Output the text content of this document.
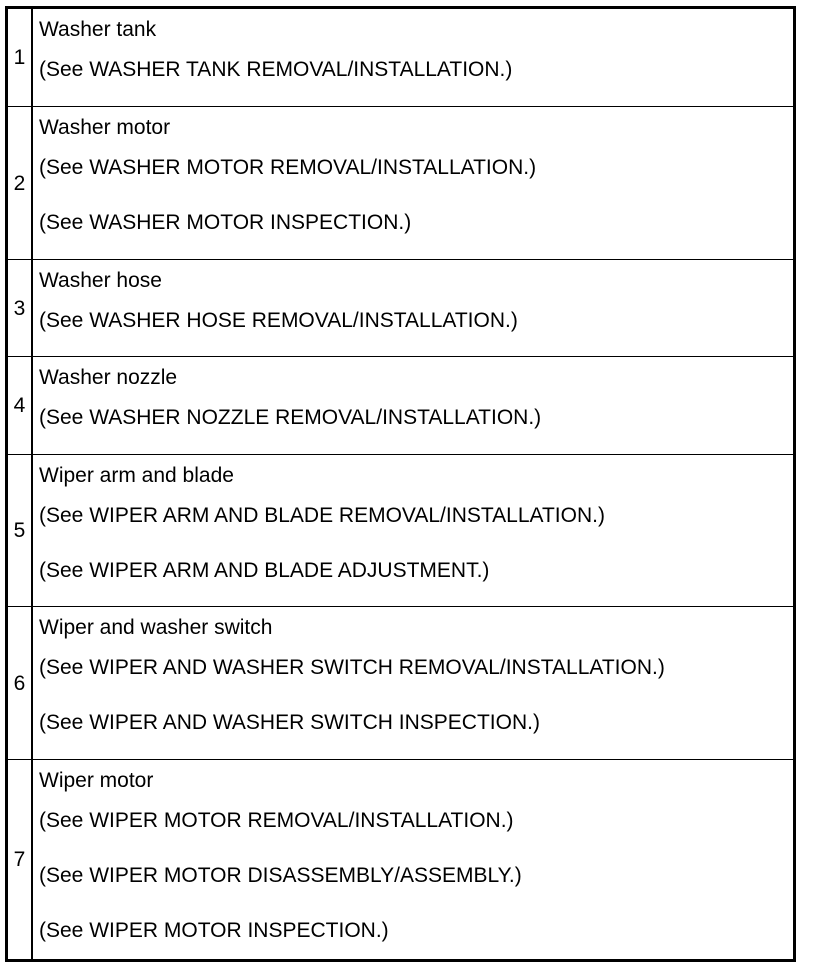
1
Washer tank
(See WASHER TANK REMOVAL/INSTALLATION.)
2
Washer motor
(See WASHER MOTOR REMOVAL/INSTALLATION.)
(See WASHER MOTOR INSPECTION.)
3
Washer hose
(See WASHER HOSE REMOVAL/INSTALLATION.)
4
Washer nozzle
(See WASHER NOZZLE REMOVAL/INSTALLATION.)
5
Wiper arm and blade
(See WIPER ARM AND BLADE REMOVAL/INSTALLATION.)
(See WIPER ARM AND BLADE ADJUSTMENT.)
6
Wiper and washer switch
(See WIPER AND WASHER SWITCH REMOVAL/INSTALLATION.)
(See WIPER AND WASHER SWITCH INSPECTION.)
7
Wiper motor
(See WIPER MOTOR REMOVAL/INSTALLATION.)
(See WIPER MOTOR DISASSEMBLY/ASSEMBLY.)
(See WIPER MOTOR INSPECTION.)
